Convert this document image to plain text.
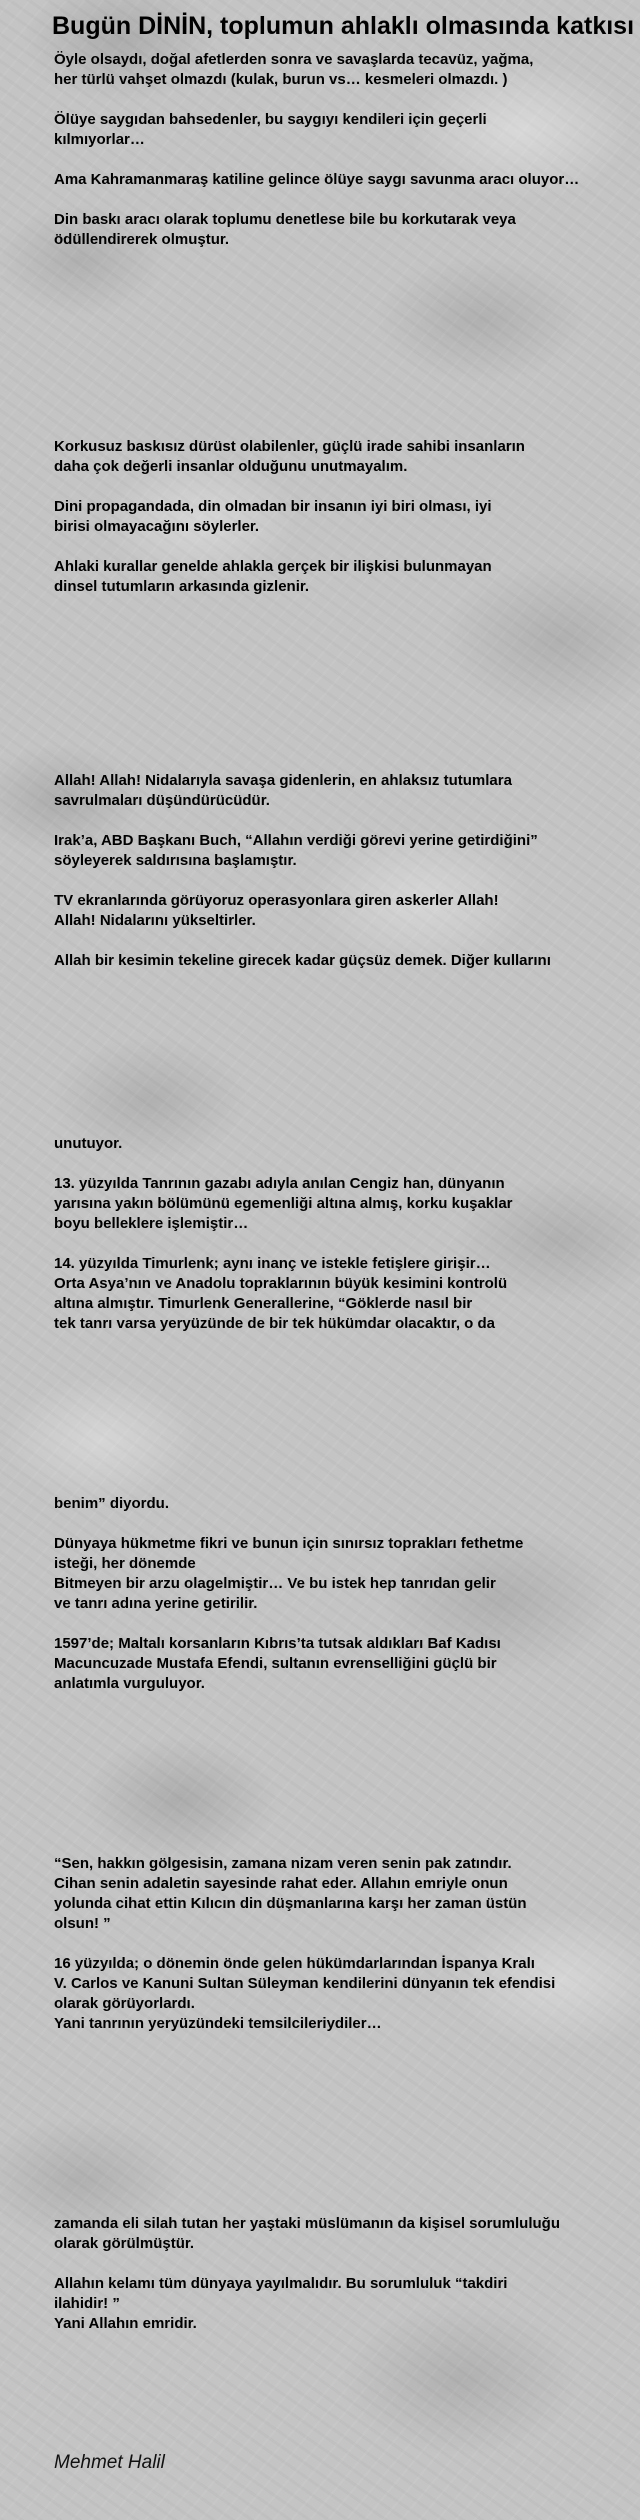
Bugün DİNİN, toplumun ahlaklı olmasında katkısı

Öyle olsaydı, doğal afetlerden sonra ve savaşlarda tecavüz, yağma,
her türlü vahşet olmazdı (kulak, burun vs… kesmeleri olmazdı. )

Ölüye saygıdan bahsedenler, bu saygıyı kendileri için geçerli
kılmıyorlar…

Ama Kahramanmaraş katiline gelince ölüye saygı savunma aracı oluyor…

Din baskı aracı olarak toplumu denetlese bile bu korkutarak veya
ödüllendirerek olmuştur.

Korkusuz baskısız dürüst olabilenler, güçlü irade sahibi insanların
daha çok değerli insanlar olduğunu unutmayalım.

Dini propagandada, din olmadan bir insanın iyi biri olması, iyi
birisi olmayacağını söylerler.

Ahlaki kurallar genelde ahlakla gerçek bir ilişkisi bulunmayan
dinsel tutumların arkasında gizlenir.

Allah! Allah! Nidalarıyla savaşa gidenlerin, en ahlaksız tutumlara
savrulmaları düşündürücüdür.

Irak’a, ABD Başkanı Buch, “Allahın verdiği görevi yerine getirdiğini”
söyleyerek saldırısına başlamıştır.

TV ekranlarında görüyoruz operasyonlara giren askerler Allah!
Allah! Nidalarını yükseltirler.

Allah bir kesimin tekeline girecek kadar güçsüz demek. Diğer kullarını

unutuyor.

13. yüzyılda Tanrının gazabı adıyla anılan Cengiz han, dünyanın
yarısına yakın bölümünü egemenliği altına almış, korku kuşaklar
boyu belleklere işlemiştir…

14. yüzyılda Timurlenk; aynı inanç ve istekle fetişlere girişir…
Orta Asya’nın ve Anadolu topraklarının büyük kesimini kontrolü
altına almıştır. Timurlenk Generallerine, “Göklerde nasıl bir
tek tanrı varsa yeryüzünde de bir tek hükümdar olacaktır, o da

benim” diyordu.

Dünyaya hükmetme fikri ve bunun için sınırsız toprakları fethetme
isteği, her dönemde
Bitmeyen bir arzu olagelmiştir… Ve bu istek hep tanrıdan gelir
ve tanrı adına yerine getirilir.

1597’de; Maltalı korsanların Kıbrıs’ta tutsak aldıkları Baf Kadısı
Macuncuzade Mustafa Efendi, sultanın evrenselliğini güçlü bir
anlatımla vurguluyor.

“Sen, hakkın gölgesisin, zamana nizam veren senin pak zatındır.
Cihan senin adaletin sayesinde rahat eder. Allahın emriyle onun
yolunda cihat ettin Kılıcın din düşmanlarına karşı her zaman üstün
olsun! ”

16 yüzyılda; o dönemin önde gelen hükümdarlarından İspanya Kralı
V. Carlos ve Kanuni Sultan Süleyman kendilerini dünyanın tek efendisi
olarak görüyorlardı.
Yani tanrının yeryüzündeki temsilcileriydiler…

zamanda eli silah tutan her yaştaki müslümanın da kişisel sorumluluğu
olarak görülmüştür.

Allahın kelamı tüm dünyaya yayılmalıdır. Bu sorumluluk “takdiri
ilahidir! ”
Yani Allahın emridir.

Mehmet Halil
